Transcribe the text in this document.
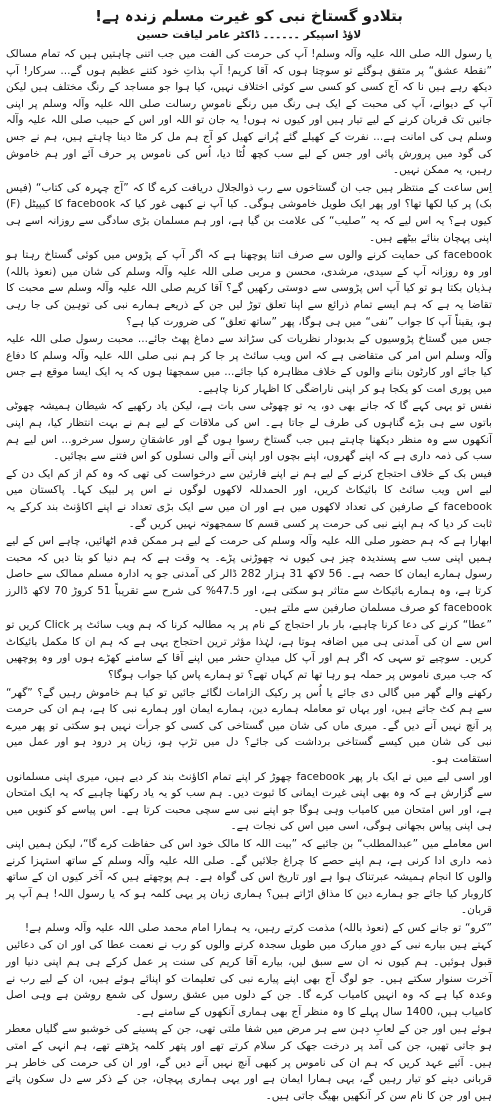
بتلادو گستاخ نبی کو غیرت مسلم زندہ ہے!
لاؤڈ اسپیکر ۔۔۔۔۔۔ ڈاکٹر عامر لیاقت حسین

یا رسول اللہ صلی اللہ علیہ وآلہ وسلم! آپ کی حرمت کی الفت میں جب اتنی چاہتیں ہیں کہ تمام مسالک ”نقطۂ عشق“ پر متفق ہوگئے تو سوچتا ہوں کہ آقا کریم! آپ بذاتِ خود کتنے عظیم ہوں گے... سرکار! آپ دیکھ رہے ہیں نا کہ آج کسی کو کسی سے کوئی اختلاف نہیں، کیا ہوا جو مساجد کے رنگ مختلف ہیں لیکن آپ کے دیوانے، آپ کی محبت کے ایک ہی رنگ میں رنگے ناموسِ رسالت صلی اللہ علیہ وآلہ وسلم پر اپنی جانیں تک قربان کرنے کے لیے تیار ہیں اور کیوں نہ ہوں! یہ جان تو اللہ اور اس کے حبیب صلی اللہ علیہ وآلہ وسلم ہی کی امانت ہے... نفرت کے کھیلے گئے پُرانے کھیل کو آج ہم مل کر مٹا دینا چاہتے ہیں، ہم نے جس کی گود میں پرورش پائی اور جس کے لیے سب کچھ لُٹا دیا، اُس کی ناموس پر حرف آئے اور ہم خاموش رہیں، یہ ممکن نہیں۔

اِس ساعت کے منتظر ہیں جب ان گستاخوں سے رب ذوالجلال دریافت کرے گا کہ ”آج چہرہ کی کتاب“ (فیس بک) پر کیا لکھا تھا؟ اور پھر ایک طویل خاموشی ہوگی۔ کیا آپ نے کبھی غور کیا کہ facebook کا کیپیٹل (F) کیوں ہے؟ یہ اس لیے کہ یہ ”صلیب“ کی علامت بن گیا ہے، اور ہم مسلمان بڑی سادگی سے روزانہ اسے ہی اپنی پہچان بنائے بیٹھے ہیں۔

facebook کی حمایت کرنے والوں سے صرف اتنا پوچھنا ہے کہ اگر آپ کے پڑوس میں کوئی گستاخ رہتا ہو اور وہ روزانہ آپ کے سیدی، مرشدی، محسن و مربی صلی اللہ علیہ وآلہ وسلم کی شان میں (نعوذ باللہ) ہذیان بکتا ہو تو کیا آپ اس پڑوسی سے دوستی رکھیں گے؟ آقا کریم صلی اللہ علیہ وآلہ وسلم سے محبت کا تقاضا یہ ہے کہ ہم ایسے تمام ذرائع سے اپنا تعلق توڑ لیں جن کے ذریعے ہمارے نبی کی توہین کی جا رہی ہو، یقیناً آپ کا جواب ”نفی“ میں ہی ہوگا، پھر ”ساتھ تعلق“ کی ضرورت کیا ہے؟

جس میں گستاخ پڑوسیوں کے بدبودار نظریات کی سڑاند سے دماغ پھٹ جائے... محبت رسول صلی اللہ علیہ وآلہ وسلم اس امر کی متقاضی ہے کہ اس ویب سائٹ پر جا کر ہم نبی صلی اللہ علیہ وآلہ وسلم کا دفاع کیا جائے اور کارٹون بنانے والوں کے خلاف مظاہرہ کیا جائے... میں سمجھتا ہوں کہ یہ ایک ایسا موقع ہے جس میں پوری امت کو یکجا ہو کر اپنی ناراضگی کا اظہار کرنا چاہیے۔

نفس تو یہی کہے گا کہ جانے بھی دو، یہ تو چھوٹی سی بات ہے، لیکن یاد رکھیے کہ شیطان ہمیشہ چھوٹی باتوں سے ہی بڑے گناہوں کی طرف لے جاتا ہے۔ اس کی ملاقات کے لیے ہم نے بہت انتظار کیا، ہم اپنی آنکھوں سے وہ منظر دیکھنا چاہتے ہیں جب گستاخ رسوا ہوں گے اور عاشقانِ رسول سرخرو... اس لیے ہم سب کی ذمہ داری ہے کہ اپنے گھروں، اپنے بچوں اور اپنی آنے والی نسلوں کو اس فتنے سے بچائیں۔

فیس بک کے خلاف احتجاج کرنے کے لیے ہم نے اپنے قارئین سے درخواست کی تھی کہ وہ کم از کم ایک دن کے لیے اس ویب سائٹ کا بائیکاٹ کریں، اور الحمدللہ لاکھوں لوگوں نے اس پر لبیک کہا۔ پاکستان میں facebook کے صارفین کی تعداد لاکھوں میں ہے اور ان میں سے ایک بڑی تعداد نے اپنے اکاؤنٹ بند کرکے یہ ثابت کر دیا کہ ہم اپنے نبی کی حرمت پر کسی قسم کا سمجھوتہ نہیں کریں گے۔

ابھارا ہے کہ ہم حضور صلی اللہ علیہ وآلہ وسلم کی حرمت کے لیے ہر ممکن قدم اٹھائیں، چاہے اس کے لیے ہمیں اپنی سب سے پسندیدہ چیز ہی کیوں نہ چھوڑنی پڑے۔ یہ وقت ہے کہ ہم دنیا کو بتا دیں کہ محبت رسول ہمارے ایمان کا حصہ ہے۔ 56 لاکھ 31 ہزار 282 ڈالر کی آمدنی جو یہ ادارہ مسلم ممالک سے حاصل کرتا ہے، وہ ہمارے بائیکاٹ سے متاثر ہو سکتی ہے، اور 47.5% کی شرح سے تقریباً 51 کروڑ 70 لاکھ ڈالرز facebook کو صرف مسلمان صارفین سے ملتے ہیں۔

”عطا“ کرنے کی دعا کرنا چاہیے، بار بار احتجاج کے نام پر یہ مطالبہ کرنا کہ ہم ویب سائٹ پر Click کریں تو اس سے ان کی آمدنی ہی میں اضافہ ہوتا ہے، لہٰذا مؤثر ترین احتجاج یہی ہے کہ ہم ان کا مکمل بائیکاٹ کریں۔ سوچیے تو سہی کہ اگر ہم اور آپ کل میدانِ حشر میں اپنے آقا کے سامنے کھڑے ہوں اور وہ پوچھیں کہ جب میری ناموس پر حملہ ہو رہا تھا تم کہاں تھے؟ تو ہمارے پاس کیا جواب ہوگا؟

رکھنے والے گھر میں گالی دی جائے یا اُس پر رکیک الزامات لگائے جائیں تو کیا ہم خاموش رہیں گے؟ ”گھر“ سے ہم کٹ جاتے ہیں، اور یہاں تو معاملہ ہمارے دین، ہمارے ایمان اور ہمارے نبی کا ہے، ہم ان کی حرمت پر آنچ نہیں آنے دیں گے۔ میری ماں کی شان میں گستاخی کی کسی کو جرأت نہیں ہو سکتی تو پھر میرے نبی کی شان میں کیسے گستاخی برداشت کی جائے؟ دل میں تڑپ ہو، زبان پر درود ہو اور عمل میں استقامت ہو۔

اور اسی لیے میں نے ایک بار پھر facebook چھوڑ کر اپنے تمام اکاؤنٹ بند کر دیے ہیں، میری اپنی مسلمانوں سے گزارش ہے کہ وہ بھی اپنی غیرت ایمانی کا ثبوت دیں۔ ہم سب کو یہ یاد رکھنا چاہیے کہ یہ ایک امتحان ہے، اور اس امتحان میں کامیاب وہی ہوگا جو اپنے نبی سے سچی محبت کرتا ہے۔ اس پیاسے کو کنویں میں ہی اپنی پیاس بجھانی ہوگی، اسی میں اس کی نجات ہے۔

اس معاملے میں ”عبدالمطلب“ بن جائیے کہ ”بیت اللہ کا مالک خود اس کی حفاظت کرے گا“، لیکن ہمیں اپنی ذمہ داری ادا کرنی ہے، ہم اپنے حصے کا چراغ جلائیں گے۔ صلی اللہ علیہ وآلہ وسلم کے ساتھ استہزا کرنے والوں کا انجام ہمیشہ عبرتناک ہوا ہے اور تاریخ اس کی گواہ ہے۔ ہم پوچھتے ہیں کہ آخر کیوں ان کے ساتھ کاروبار کیا جائے جو ہمارے دین کا مذاق اڑاتے ہیں؟ ہماری زبان پر یہی کلمہ ہو کہ یا رسول اللہ! ہم آپ پر قربان۔

”کرو“ تو جانے کس کے (نعوذ باللہ) مذمت کرتے رہیں، یہ ہمارا امام محمد صلی اللہ علیہ وآلہ وسلم ہے!

کہتے ہیں بیارے نبی کے دورِ مبارک میں طویل سجدہ کرنے والوں کو رب نے نعمت عطا کی اور ان کی دعائیں قبول ہوئیں۔ ہم کیوں نہ ان سے سبق لیں، بیارے آقا کریم کی سنت پر عمل کرکے ہی ہم اپنی دنیا اور آخرت سنوار سکتے ہیں۔ جو لوگ آج بھی اپنے پیارے نبی کی تعلیمات کو اپنائے ہوئے ہیں، ان کے لیے رب نے وعدہ کیا ہے کہ وہ انہیں کامیاب کرے گا۔ جن کے دلوں میں عشق رسول کی شمع روشن ہے وہی اصل کامیاب ہیں، 1400 سال پہلے کا وہ منظر آج بھی ہماری آنکھوں کے سامنے ہے۔

ہوئے ہیں اور جن کے لعابِ دہن سے ہر مرض میں شفا ملتی تھی، جن کے پسینے کی خوشبو سے گلیاں معطر ہو جاتی تھیں، جن کی آمد پر درخت جھک کر سلام کرتے تھے اور پتھر کلمہ پڑھتے تھے، ہم انہی کے امتی ہیں۔ آئیے عہد کریں کہ ہم ان کی ناموس پر کبھی آنچ نہیں آنے دیں گے، اور ان کی حرمت کی خاطر ہر قربانی دینے کو تیار رہیں گے، یہی ہمارا ایمان ہے اور یہی ہماری پہچان، جن کے ذکر سے دل سکون پاتے ہیں اور جن کا نام سن کر آنکھیں بھیگ جاتی ہیں۔
